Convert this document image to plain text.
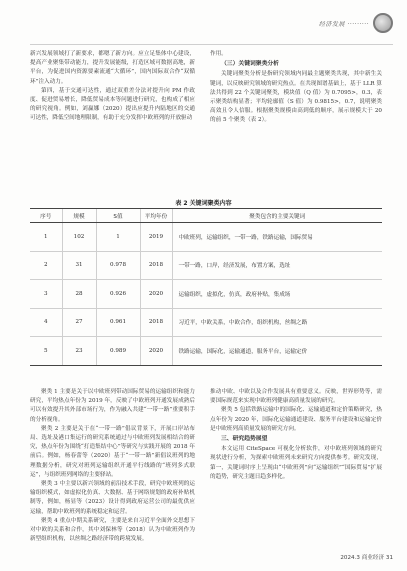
经济发展 ·········

新兴发展领域打了新要求，都嗯了新方向。应立足集体中心建设，提高产业聚集带动能力，提升发展能级，打造区域可数据高地，新平台，为促进国内资源要素流通“大循环”，国内国际双合作“双循环”注入动力。

第四，基于交通可达性，通过双重差分法对提升向 PM 作政度、促进贸易增长，降低贸易成本等问题进行研究，也构成了相应的研究视角。例如，刘赢娜（2020）提出应提升内陆地区的交通可达性，降低空间地理限制，有助于充分发挥中欧班列的开放驱动

作用。

（三）关键词聚类分析

关键词聚类分析是指研究领域内同最主题聚类共现，其中新生关键词，以反映研究领域的研究热点。在共现图谱基础上，基于 LLR 算法共得到 22 个关键词聚类，模块值（Q 值）为 0.7095>，0.3，表示聚类结构显著；平均轮廓值（S 值）为 0.9815>，0.7，说明聚类高效且令人信服。根据聚类规模由高到低的顺序，展示规模大于 20 的前 5 个聚类（表 2）。

表 2 关键词聚类内容
序号	规模	S值	平均年份	聚类包含的主要关键词
1	102	1	2019	中欧班列，运输组织，一带一路，铁路运输，国际贸易
2	31	0.978	2018	一带一路，口岸，经济发展，布置方案，选址
3	28	0.926	2020	运输组织，虚拟化，仿真，政府补贴，集成场
4	27	0.961	2018	习近平，中欧关系，中欧合作，组织机构，丝绸之路
5	23	0.989	2020	铁路运输，国际化，运输通道，服务平台，运输定价

聚类 1 主要是关于以中欧班列带动国际贸易的运输组织和能力研究，平均热点年份为 2019 年，反映了中欧班列开通发展成熟后可以有效提升其外部市场行为，作为融入共建“一带一路”重要积手的分析视角。

聚类 2 主要是关于在“一带一路”倡议背景下，开展口岸站布局、选址及港口集运行的研究系统通过与中欧班列发展相结合的研究，热点年份为围绕“打造集结中心”等研究与实践开展的 2018 年前后。例如，杨春蕾等（2020）基于“一带一路”新倡议班列的地理数据分析，研究对班列运输组织开通平行线路的“班列多式联运”，与组织班列网络的主要驿站。

聚类 3 中主要以新兴领域的前沿技术手段，研究中欧班列的运输组织模式，如虚拟化仿真、大数据、基于网络规划的政府补贴机制等，例如，杨显等（2023）设计得到政府运营公司的最优供应运输，帮助中欧班列的系统稳定和运营。

聚类 4 重点中期关系研究，主要是来自习近平全面外交思想下对中欧的关系和合作，其中刘保林等（2018）认为中欧班列作为新型组织机构，以丝绸之路经济带的跨境发展。

推动中欧、中欧以及合作发展具有重要意义。反映，世界形势等，需要国际规范来实现中欧班列健康高质量发展的研究。

聚类 5 包括铁路运输中的国际化、运输通道和定价策略研究，热点年份为 2020 年，国际化运输通道建设、服务平台建设和运输定价是中欧班列高质量发展的研究方向。

三、研究趋势展望

本文运用 CiteSpace 可视化分析软件，对中欧班列领域的研究现状进行分析，为探索中欧班列未来研究方向提供参考。研究发现，第一，关键词时序上呈现由“中欧班列”向“运输组织”“国际贸易”扩展的趋势，研究主题日趋多样化。

2024.3 商业经济 31
